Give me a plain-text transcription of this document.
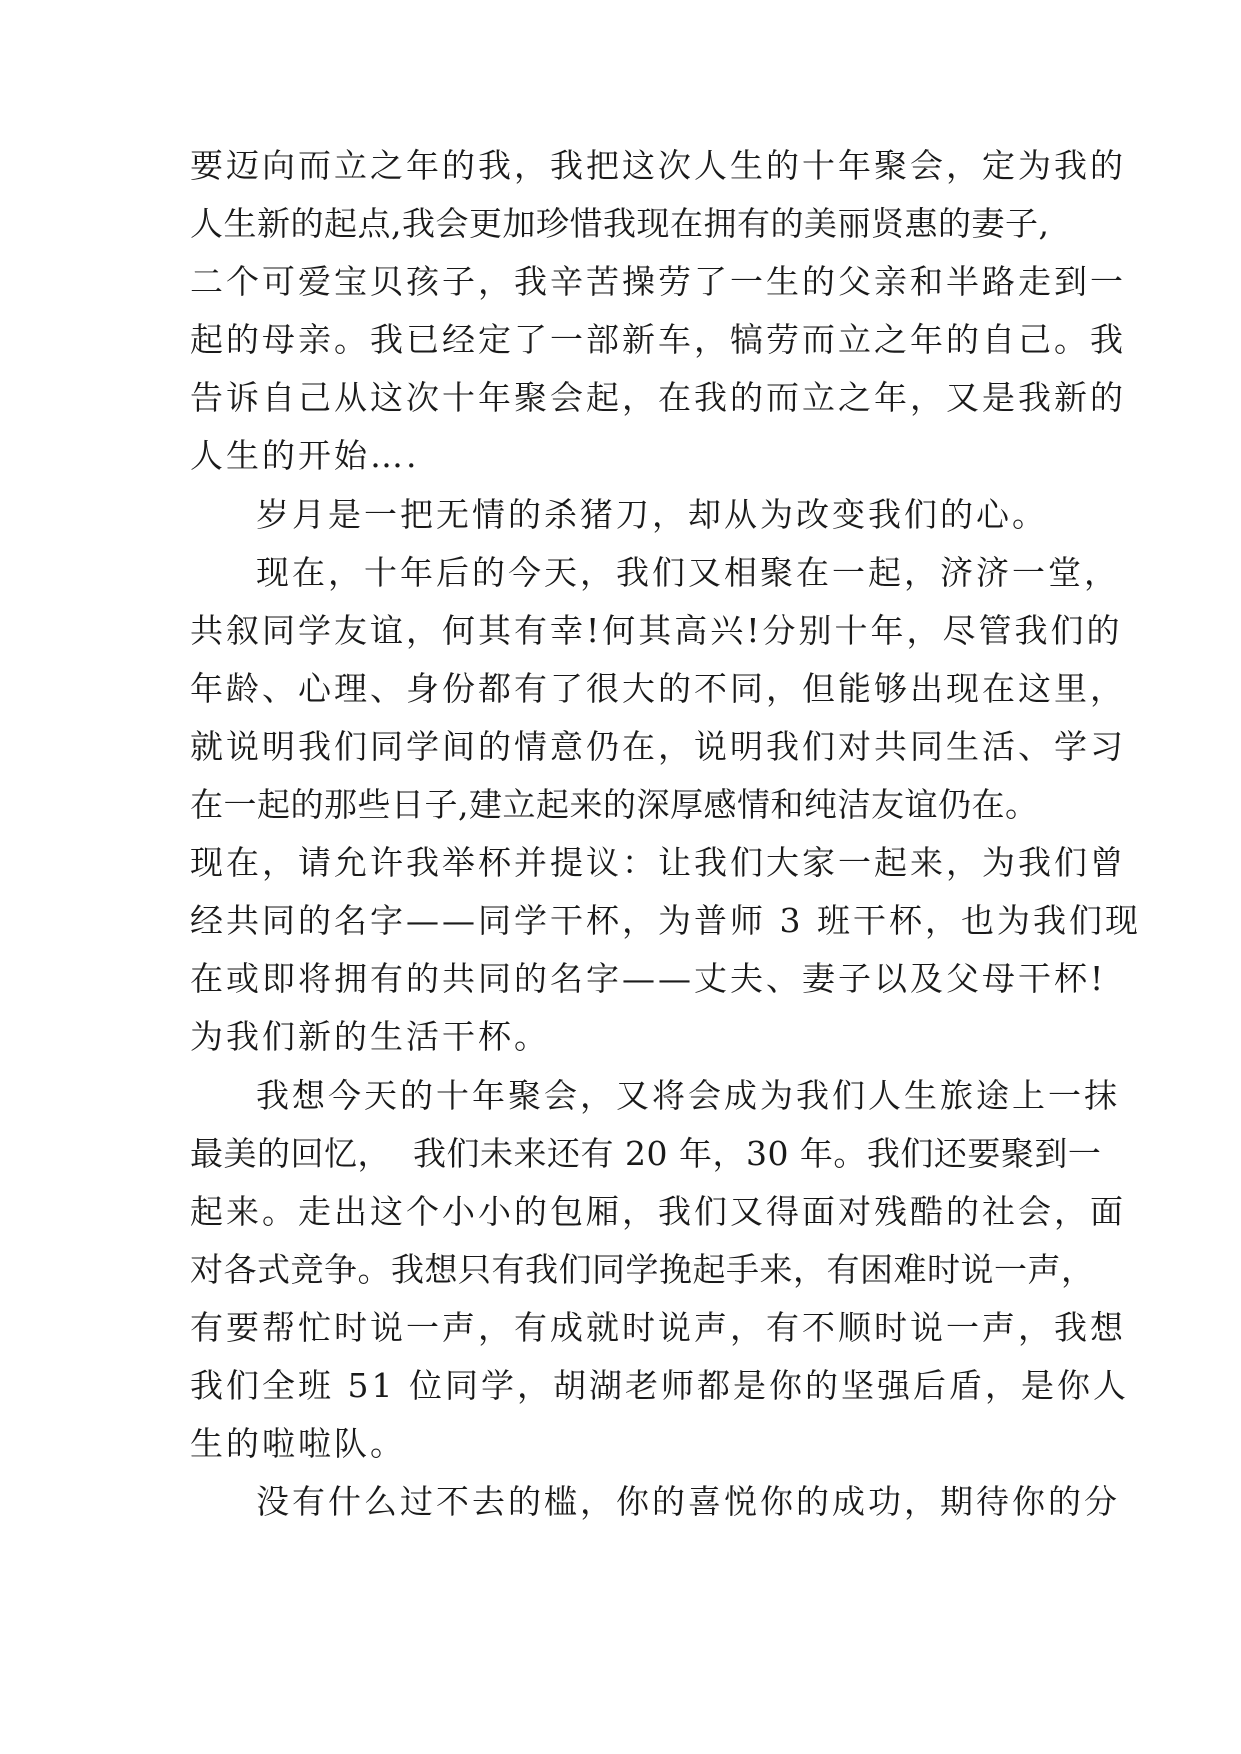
要迈向而立之年的我，我把这次人生的十年聚会，定为我的
人生新的起点,我会更加珍惜我现在拥有的美丽贤惠的妻子,
二个可爱宝贝孩子，我辛苦操劳了一生的父亲和半路走到一
起的母亲。我已经定了一部新车，犒劳而立之年的自己。我
告诉自己从这次十年聚会起，在我的而立之年，又是我新的
人生的开始….
岁月是一把无情的杀猪刀，却从为改变我们的心。
现在，十年后的今天，我们又相聚在一起，济济一堂，
共叙同学友谊，何其有幸!何其高兴!分别十年，尽管我们的
年龄、心理、身份都有了很大的不同，但能够出现在这里，
就说明我们同学间的情意仍在，说明我们对共同生活、学习
在一起的那些日子,建立起来的深厚感情和纯洁友谊仍在。
现在，请允许我举杯并提议：让我们大家一起来，为我们曾
经共同的名字——同学干杯，为普师 3 班干杯，也为我们现
在或即将拥有的共同的名字——丈夫、妻子以及父母干杯!
为我们新的生活干杯。
我想今天的十年聚会，又将会成为我们人生旅途上一抹
最美的回忆，  我们未来还有 20 年，30 年。我们还要聚到一
起来。走出这个小小的包厢，我们又得面对残酷的社会，面
对各式竞争。我想只有我们同学挽起手来，有困难时说一声，
有要帮忙时说一声，有成就时说声，有不顺时说一声，我想
我们全班 51 位同学，胡湖老师都是你的坚强后盾，是你人
生的啦啦队。
没有什么过不去的槛，你的喜悦你的成功，期待你的分
